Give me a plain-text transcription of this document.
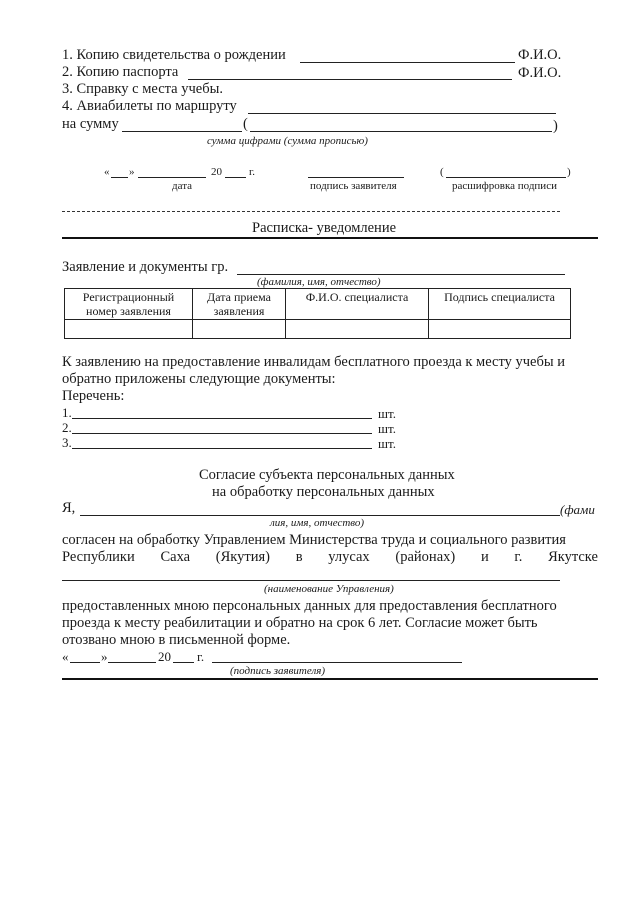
1. Копию свидетельства о рождении	Ф.И.О.
2. Копию паспорта	Ф.И.О.
3. Справку с места учебы.
4. Авиабилеты по маршруту
на сумму	(	)
сумма цифрами (сумма прописью)
« »	20 г.
дата	подпись заявителя
(	)
расшифровка подписи
Расписка- уведомление
Заявление и документы гр.
(фамилия, имя, отчество)
Регистрационный номер заявления	Дата приема заявления	Ф.И.О. специалиста	Подпись специалиста

К заявлению на предоставление инвалидам бесплатного проезда к месту учебы и
обратно приложены следующие документы:
Перечень:
1.	шт.
2.	шт.
3.	шт.
Согласие субъекта персональных данных
на обработку персональных данных
Я,	(фами
лия, имя, отчество)
согласен на обработку Управлением Министерства труда и социального развития
Республики Саха (Якутия) в улусах (районах) и г. Якутске
(наименование Управления)
предоставленных мною персональных данных для предоставления бесплатного
проезда к месту реабилитации и обратно на срок 6 лет. Согласие может быть
отозвано мною в письменной форме.
«	»	20 г.
(подпись заявителя)
